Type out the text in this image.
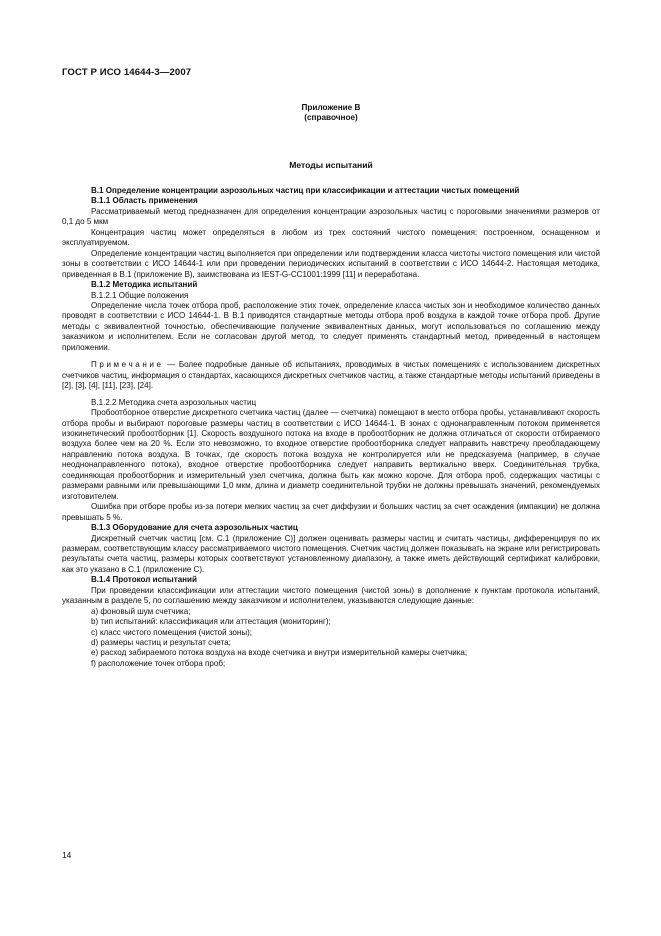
ГОСТ Р ИСО 14644-3—2007
Приложение В
(справочное)
Методы испытаний

В.1 Определение концентрации аэрозольных частиц при классификации и аттестации чистых помещений

В.1.1 Область применения

Рассматриваемый метод предназначен для определения концентрации аэрозольных частиц с пороговыми значениями размеров от 0,1 до 5 мкм

Концентрация частиц может определяться в любом из трех состояний чистого помещения: построенном, оснащенном и эксплуатируемом.

Определение концентрации частиц выполняется при определении или подтверждении класса чистоты чистого помещения или чистой зоны в соответствии с ИСО 14644-1 или при проведении периодических испытаний в соответствии с ИСО 14644-2. Настоящая методика, приведенная в В.1 (приложение В), заимствована из IEST-G-CC1001:1999 [11] и переработана.

В.1.2 Методика испытаний

В.1.2.1 Общие положения

Определение числа точек отбора проб, расположение этих точек, определение класса чистых зон и необходимое количество данных проводят в соответствии с ИСО 14644-1. В В.1 приводятся стандартные методы отбора проб воздуха в каждой точке отбора проб. Другие методы с эквивалентной точностью, обеспечивающие получение эквивалентных данных, могут использоваться по соглашению между заказчиком и исполнителем. Если не согласован другой метод, то следует применять стандартный метод, приведенный в настоящем приложении.

Примечание — Более подробные данные об испытаниях, проводимых в чистых помещениях с использованием дискретных счетчиков частиц, информация о стандартах, касающихся дискретных счетчиков частиц, а также стандартные методы испытаний приведены в [2], [3], [4], [11], [23], [24].

В.1.2.2 Методика счета аэрозольных частиц

Пробоотборное отверстие дискретного счетчика частиц (далее — счетчика) помещают в место отбора пробы, устанавливают скорость отбора пробы и выбирают пороговые размеры частиц в соответствии с ИСО 14644-1. В зонах с однонаправленным потоком применяется изокинетический пробоотборник [1]. Скорость воздушного потока на входе в пробоотборник не должна отличаться от скорости отбираемого воздуха более чем на 20 %. Если это невозможно, то входное отверстие пробоотборника следует направить навстречу преобладающему направлению потока воздуха. В точках, где скорость потока воздуха не контролируется или не предсказуема (например, в случае неоднонаправленного потока), входное отверстие пробоотборника следует направить вертикально вверх. Соединительная трубка, соединяющая пробоотборник и измерительный узел счетчика, должна быть как можно короче. Для отбора проб, содержащих частицы с размерами равными или превышающими 1,0 мкм, длина и диаметр соединительной трубки не должны превышать значений, рекомендуемых изготовителем.

Ошибка при отборе пробы из-за потери мелких частиц за счет диффузии и больших частиц за счет осаждения (импакции) не должна превышать 5 %.

В.1.3 Оборудование для счета аэрозольных частиц

Дискретный счетчик частиц [см. С.1 (приложение С)] должен оценивать размеры частиц и считать частицы, дифференцируя по их размерам, соответствующим классу рассматриваемого чистого помещения. Счетчик частиц должен показывать на экране или регистрировать результаты счета частиц, размеры которых соответствуют установленному диапазону, а также иметь действующий сертификат калибровки, как это указано в С.1 (приложение С).

В.1.4 Протокол испытаний

При проведении классификации или аттестации чистого помещения (чистой зоны) в дополнение к пунктам протокола испытаний, указанным в разделе 5, по соглашению между заказчиком и исполнителем, указываются следующие данные:

а) фоновый шум счетчика;
b) тип испытаний: классификация или аттестация (мониторинг);
с) класс чистого помещения (чистой зоны);
d) размеры частиц и результат счета;
е) расход забираемого потока воздуха на входе счетчика и внутри измерительной камеры счетчика;
f) расположение точек отбора проб;
14
